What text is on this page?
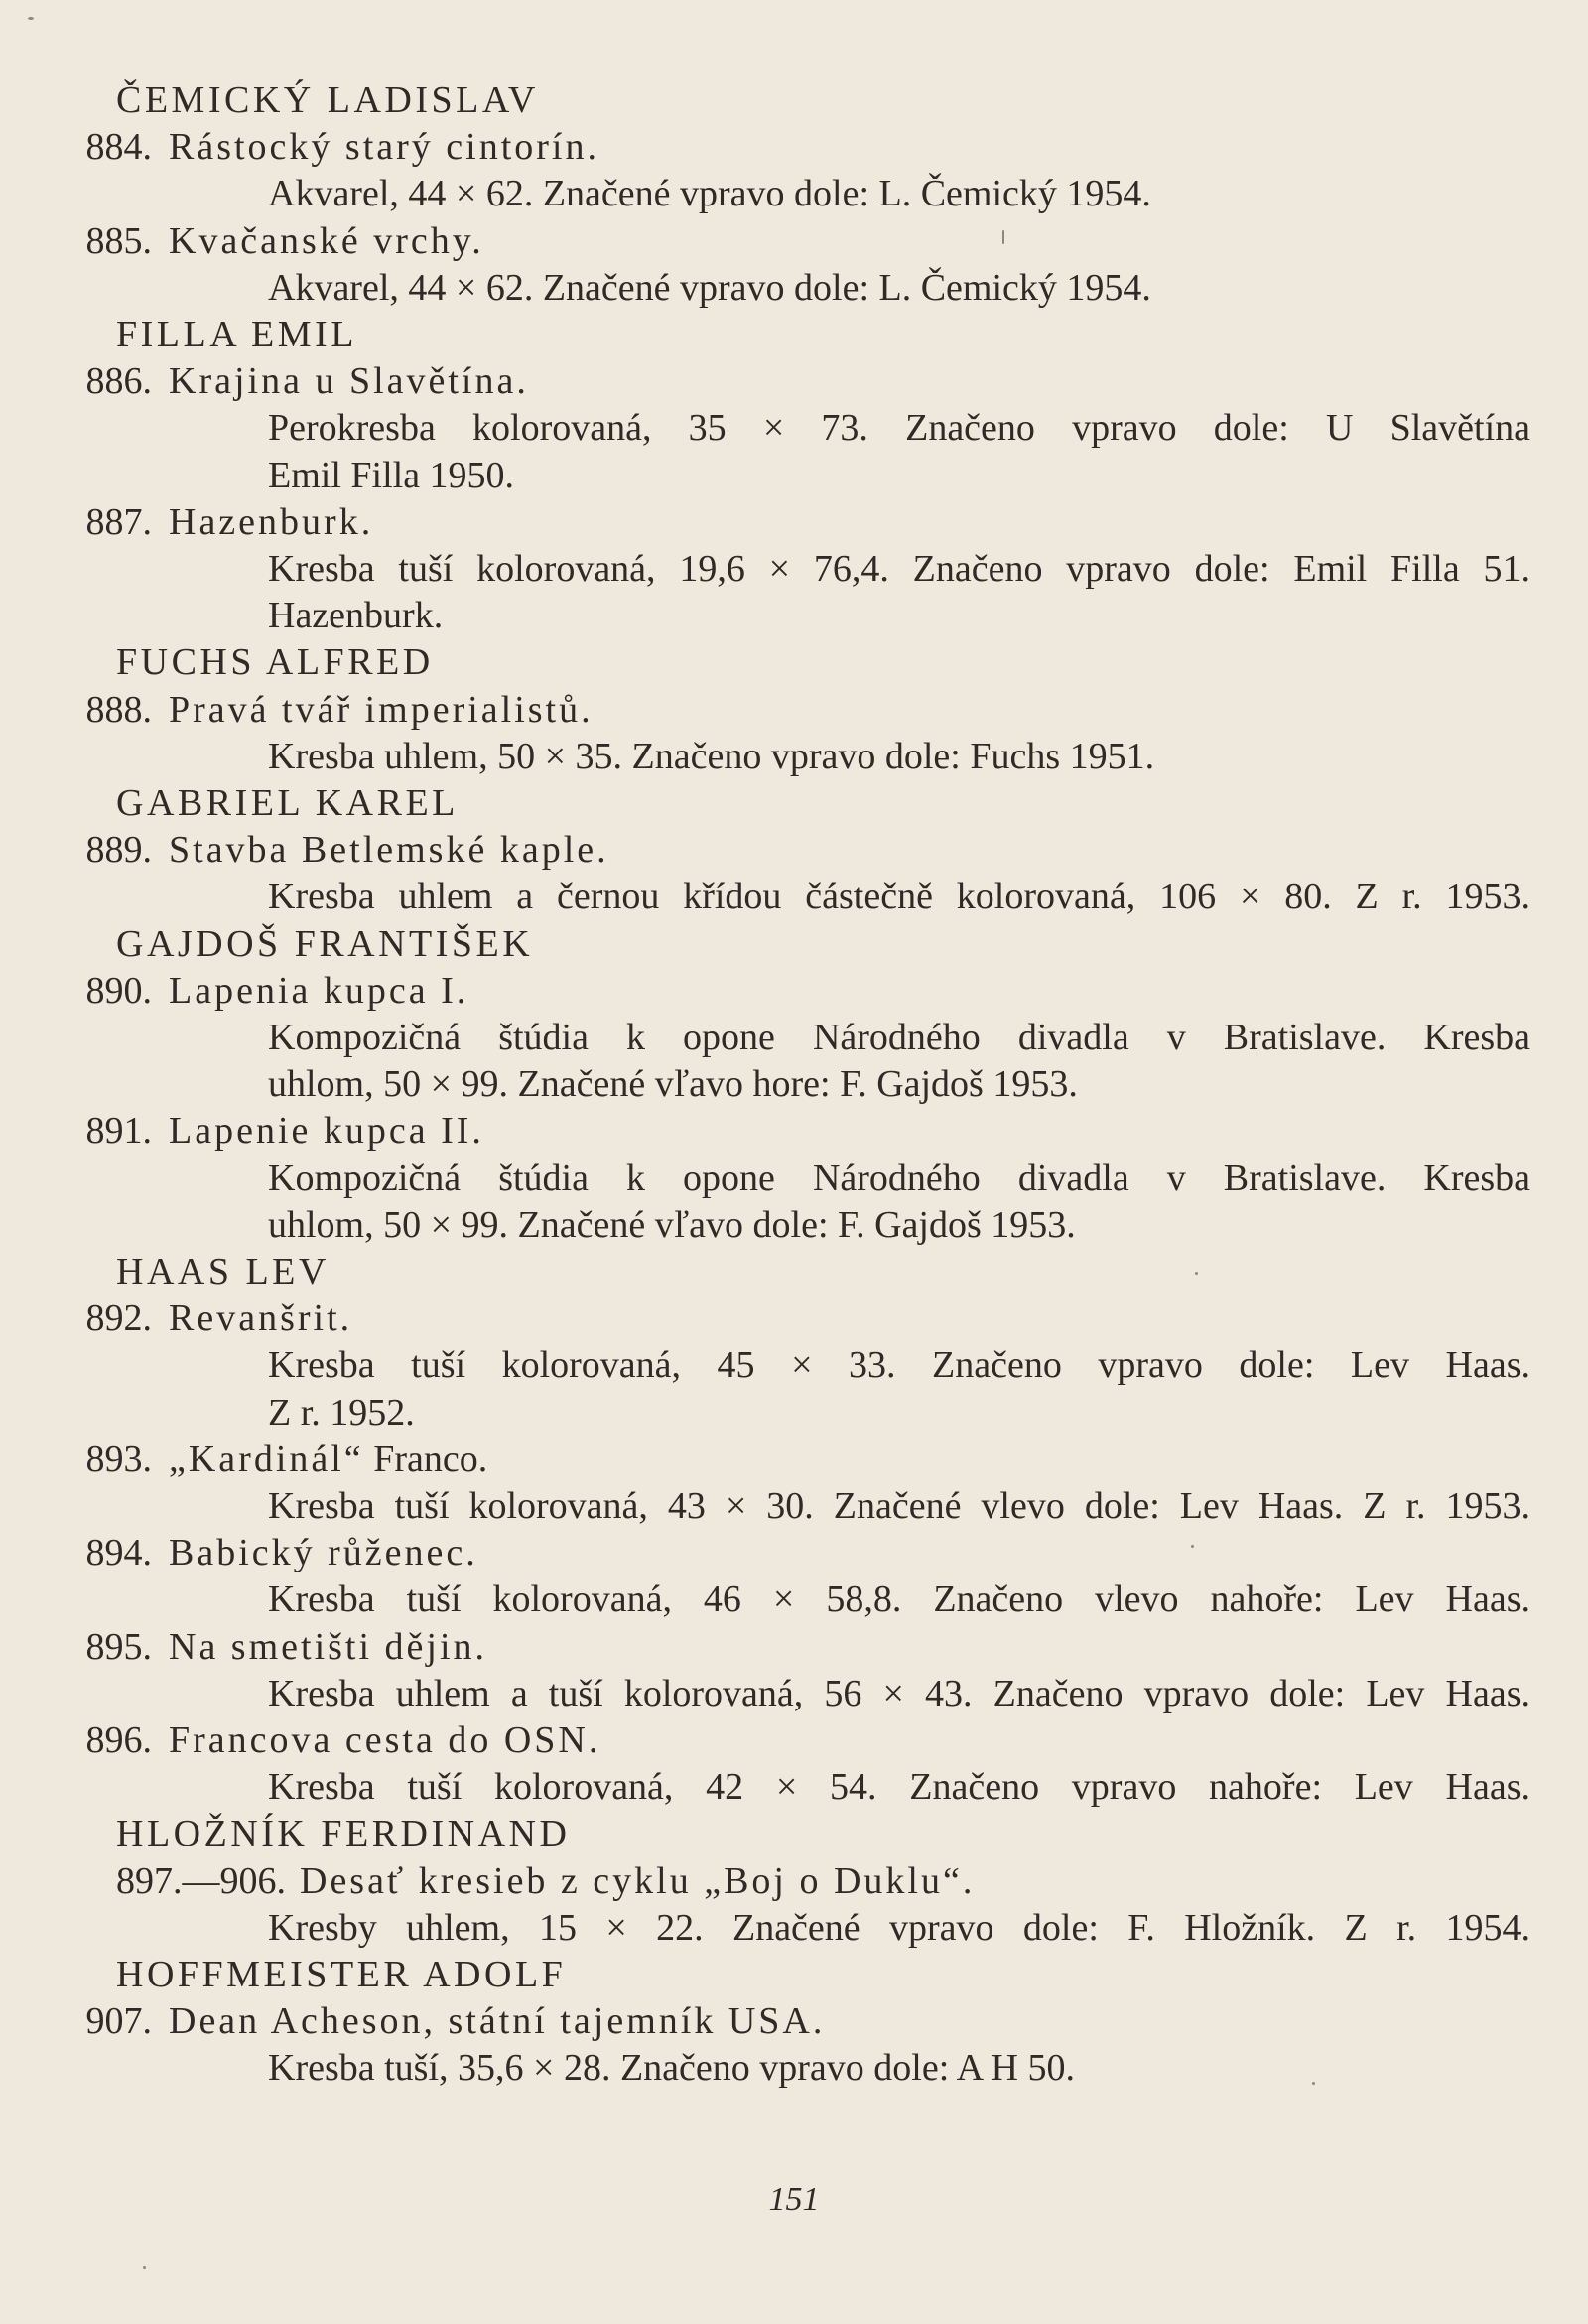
ČEMICKÝ LADISLAV
884. Rástocký starý cintorín.
Akvarel, 44 × 62. Značené vpravo dole: L. Čemický 1954.
885. Kvačanské vrchy.
Akvarel, 44 × 62. Značené vpravo dole: L. Čemický 1954.
FILLA EMIL
886. Krajina u Slavětína.
Perokresba kolorovaná, 35 × 73. Značeno vpravo dole: U Slavětína
Emil Filla 1950.
887. Hazenburk.
Kresba tuší kolorovaná, 19,6 × 76,4. Značeno vpravo dole: Emil Filla 51.
Hazenburk.
FUCHS ALFRED
888. Pravá tvář imperialistů.
Kresba uhlem, 50 × 35. Značeno vpravo dole: Fuchs 1951.
GABRIEL KAREL
889. Stavba Betlemské kaple.
Kresba uhlem a černou křídou částečně kolorovaná, 106 × 80. Z r. 1953.
GAJDOŠ FRANTIŠEK
890. Lapenia kupca I.
Kompozičná štúdia k opone Národného divadla v Bratislave. Kresba
uhlom, 50 × 99. Značené vľavo hore: F. Gajdoš 1953.
891. Lapenie kupca II.
Kompozičná štúdia k opone Národného divadla v Bratislave. Kresba
uhlom, 50 × 99. Značené vľavo dole: F. Gajdoš 1953.
HAAS LEV
892. Revanšrit.
Kresba tuší kolorovaná, 45 × 33. Značeno vpravo dole: Lev Haas.
Z r. 1952.
893. „Kardinál“ Franco.
Kresba tuší kolorovaná, 43 × 30. Značené vlevo dole: Lev Haas. Z r. 1953.
894. Babický růženec.
Kresba tuší kolorovaná, 46 × 58,8. Značeno vlevo nahoře: Lev Haas.
895. Na smetišti dějin.
Kresba uhlem a tuší kolorovaná, 56 × 43. Značeno vpravo dole: Lev Haas.
896. Francova cesta do OSN.
Kresba tuší kolorovaná, 42 × 54. Značeno vpravo nahoře: Lev Haas.
HLOŽNÍK FERDINAND
897.—906. Desať kresieb z cyklu „Boj o Duklu“.
Kresby uhlem, 15 × 22. Značené vpravo dole: F. Hložník. Z r. 1954.
HOFFMEISTER ADOLF
907. Dean Acheson, státní tajemník USA.
Kresba tuší, 35,6 × 28. Značeno vpravo dole: A H 50.
151
